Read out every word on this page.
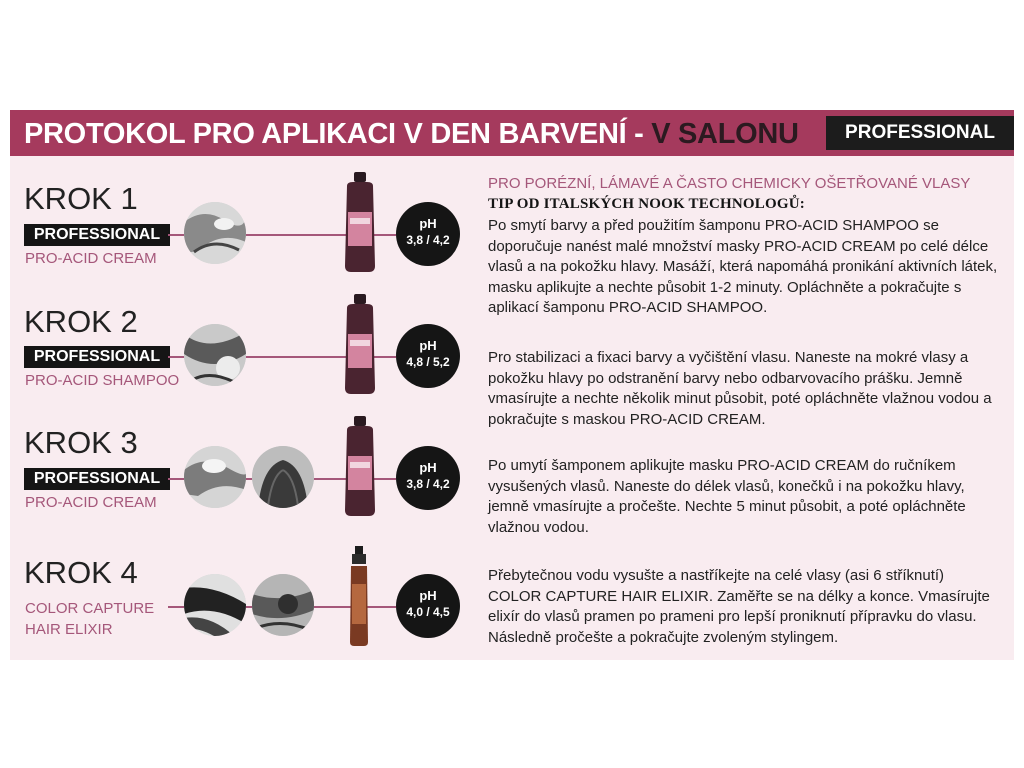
PROTOKOL PRO APLIKACI V DEN BARVENÍ - V SALONU	PROFESSIONAL
PRO PORÉZNÍ, LÁMAVÉ A ČASTO CHEMICKY OŠETŘOVANÉ VLASY
TIP OD ITALSKÝCH NOOK TECHNOLOGŮ:
KROK 1
PROFESSIONAL
PRO-ACID CREAM
pH
3,8 / 4,2
Po smytí barvy a před použitím šamponu PRO-ACID SHAMPOO se doporučuje nanést malé množství masky PRO-ACID CREAM po celé délce vlasů a na pokožku hlavy. Masáží, která napomáhá pronikání aktivních látek, masku aplikujte a nechte působit 1-2 minuty. Opláchněte a pokračujte s aplikací šamponu PRO-ACID SHAMPOO.
KROK 2
PROFESSIONAL
PRO-ACID SHAMPOO
pH
4,8 / 5,2	Pro stabilizaci a fixaci barvy a vyčištění vlasu. Naneste na mokré vlasy a pokožku hlavy po odstranění barvy nebo odbarvovacího prášku. Jemně vmasírujte a nechte několik minut působit, poté opláchněte vlažnou vodou a pokračujte s maskou PRO-ACID CREAM.
KROK 3
PROFESSIONAL
PRO-ACID CREAM
pH
3,8 / 4,2
Po umytí šamponem aplikujte masku PRO-ACID CREAM do ručníkem vysušených vlasů. Naneste do délek vlasů, konečků i na pokožku hlavy, jemně vmasírujte a pročešte. Nechte 5 minut působit, a poté opláchněte vlažnou vodou.
KROK 4
COLOR CAPTURE
HAIR ELIXIR
pH
4,0 / 4,5
Přebytečnou vodu vysušte a nastříkejte na celé vlasy (asi 6 stříknutí) COLOR CAPTURE HAIR ELIXIR. Zaměřte se na délky a konce. Vmasírujte elixír do vlasů pramen po prameni pro lepší proniknutí přípravku do vlasu. Následně pročešte a pokračujte zvoleným stylingem.
